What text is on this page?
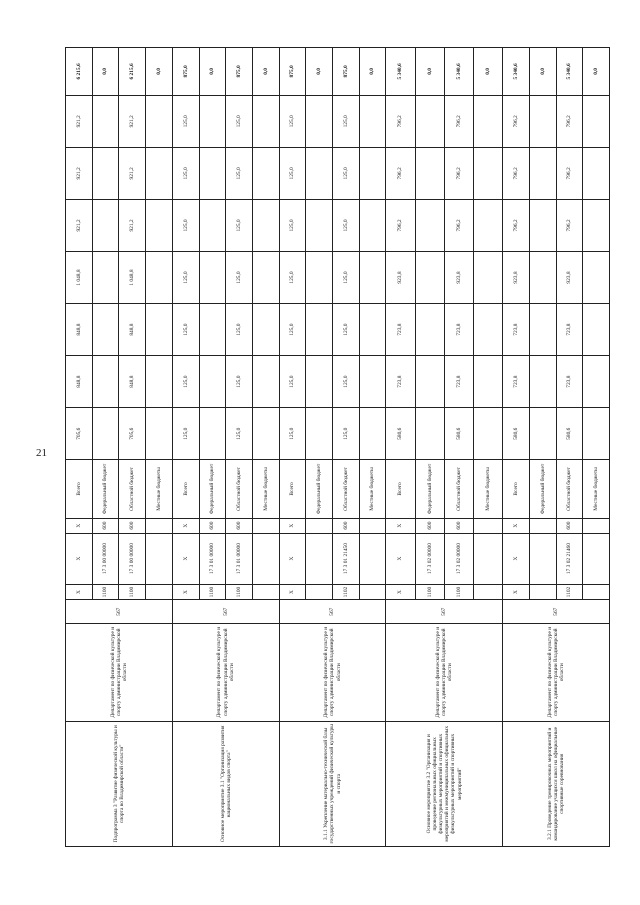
21
Подпрограмма 3 "Развитие физической культуры и спорта во Владимирской области"	Департамент по физической культуре и спорту администрации Владимирской области	567	X	X	X	Всего	705,6	848,8	848,8	1 048,8	921,2	921,2	921,2	6 215,6
			1100	17 3 00 00000	600	Федеральный бюджет								0,0
			1100	17 3 00 00000	600	Областной бюджет	705,6	848,8	848,8	1 048,8	921,2	921,2	921,2	6 215,6
						Местные бюджеты								0,0
Основное мероприятие 3.1 "Организация развития национальных видов спорта"	Департамент по физической культуре и спорту администрации Владимирской области	567	X	X	X	Всего	125,0	125,0	125,0	125,0	125,0	125,0	125,0	875,0
			1100	17 3 01 00000	600	Федеральный бюджет								0,0
			1100	17 3 01 00000	600	Областной бюджет	125,0	125,0	125,0	125,0	125,0	125,0	125,0	875,0
						Местные бюджеты								0,0
3.1.1 Укрепление материально-технической базы государственных учреждений физической культуры и спорта	Департамент по физической культуре и спорту администрации Владимирской области	567	X	X	X	Всего	125,0	125,0	125,0	125,0	125,0	125,0	125,0	875,0
						Федеральный бюджет								0,0
			1102	17 3 01 21450	600	Областной бюджет	125,0	125,0	125,0	125,0	125,0	125,0	125,0	875,0
						Местные бюджеты								0,0
Основное мероприятие 3.2 "Организация и проведение региональных официальных физкультурных мероприятий и спортивных мероприятий и межмуниципальных официальных физкультурных мероприятий и спортивных мероприятий"	Департамент по физической культуре и спорту администрации Владимирской области	567	X	X	X	Всего	580,6	723,8	723,8	923,8	796,2	796,2	796,2	5 340,6
			1100	17 3 02 00000	600	Федеральный бюджет								0,0
			1100	17 3 02 00000	600	Областной бюджет	580,6	723,8	723,8	923,8	796,2	796,2	796,2	5 340,6
						Местные бюджеты								0,0
3.2.1 Проведение тренировочных мероприятий и командирование учащихся школ на официальные спортивные соревнования	Департамент по физической культуре и спорту администрации Владимирской области	567	X	X	X	Всего	580,6	723,8	723,8	923,8	796,2	796,2	796,2	5 340,6
						Федеральный бюджет								0,0
			1102	17 3 02 21460	600	Областной бюджет	580,6	723,8	723,8	923,8	796,2	796,2	796,2	5 340,6
						Местные бюджеты								0,0
